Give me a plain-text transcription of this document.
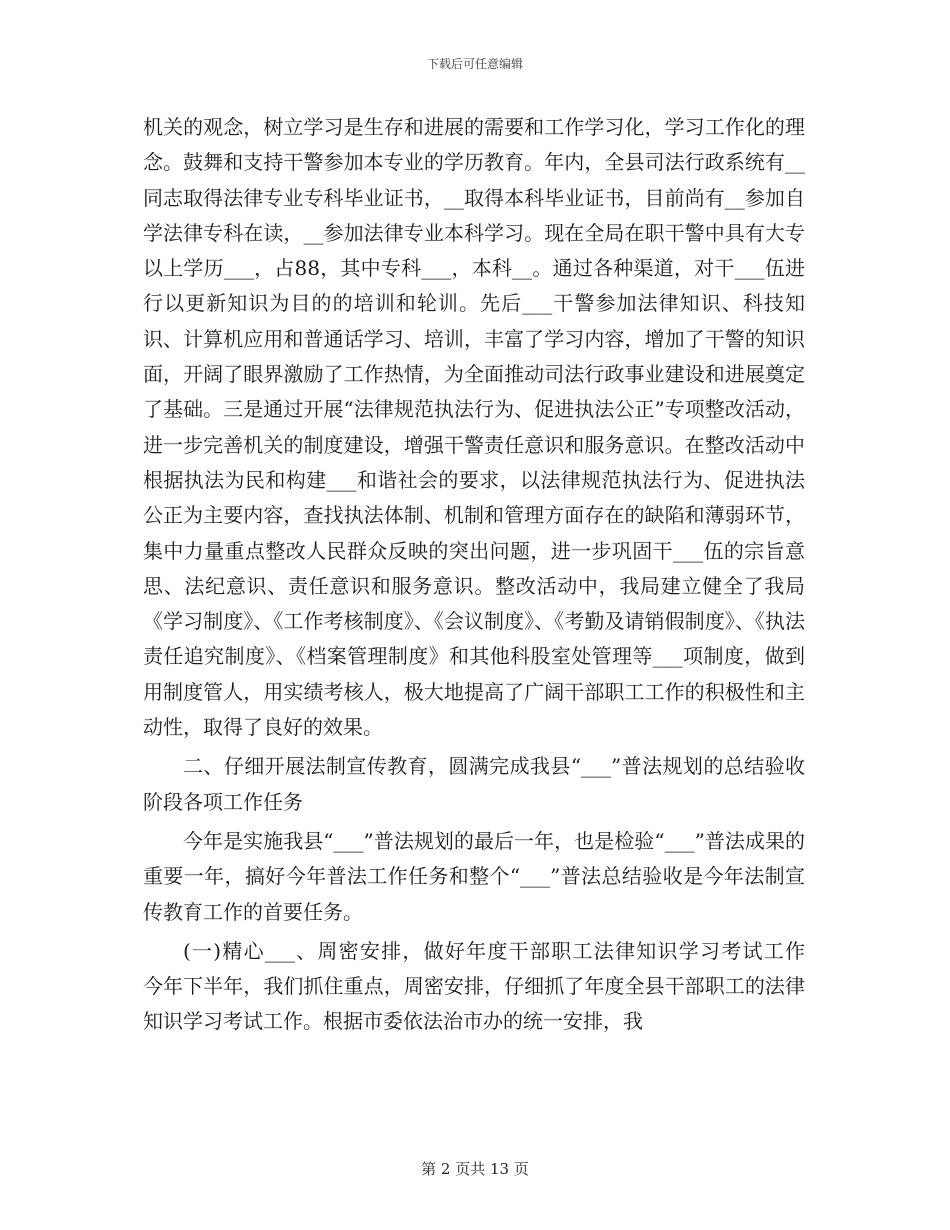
下载后可任意编辑

机关的观念，树立学习是生存和进展的需要和工作学习化，学习工作化的理念。鼓舞和支持干警参加本专业的学历教育。年内，全县司法行政系统有__同志取得法律专业专科毕业证书，__取得本科毕业证书，目前尚有__参加自学法律专科在读，__参加法律专业本科学习。现在全局在职干警中具有大专以上学历___，占88，其中专科___，本科__。通过各种渠道，对干___伍进行以更新知识为目的的培训和轮训。先后___干警参加法律知识、科技知识、计算机应用和普通话学习、培训，丰富了学习内容，增加了干警的知识面，开阔了眼界激励了工作热情，为全面推动司法行政事业建设和进展奠定了基础。三是通过开展“法律规范执法行为、促进执法公正”专项整改活动，进一步完善机关的制度建设，增强干警责任意识和服务意识。在整改活动中根据执法为民和构建___和谐社会的要求，以法律规范执法行为、促进执法公正为主要内容，查找执法体制、机制和管理方面存在的缺陷和薄弱环节，集中力量重点整改人民群众反映的突出问题，进一步巩固干___伍的宗旨意思、法纪意识、责任意识和服务意识。整改活动中，我局建立健全了我局《学习制度》、《工作考核制度》、《会议制度》、《考勤及请销假制度》、《执法责任追究制度》、《档案管理制度》和其他科股室处管理等___项制度，做到用制度管人，用实绩考核人，极大地提高了广阔干部职工工作的积极性和主动性，取得了良好的效果。

二、仔细开展法制宣传教育，圆满完成我县“___”普法规划的总结验收阶段各项工作任务

今年是实施我县“___”普法规划的最后一年，也是检验“___”普法成果的重要一年，搞好今年普法工作任务和整个“___”普法总结验收是今年法制宣传教育工作的首要任务。

(一)精心___、周密安排，做好年度干部职工法律知识学习考试工作　今年下半年，我们抓住重点，周密安排，仔细抓了年度全县干部职工的法律知识学习考试工作。根据市委依法治市办的统一安排，我

第 2 页共 13 页
